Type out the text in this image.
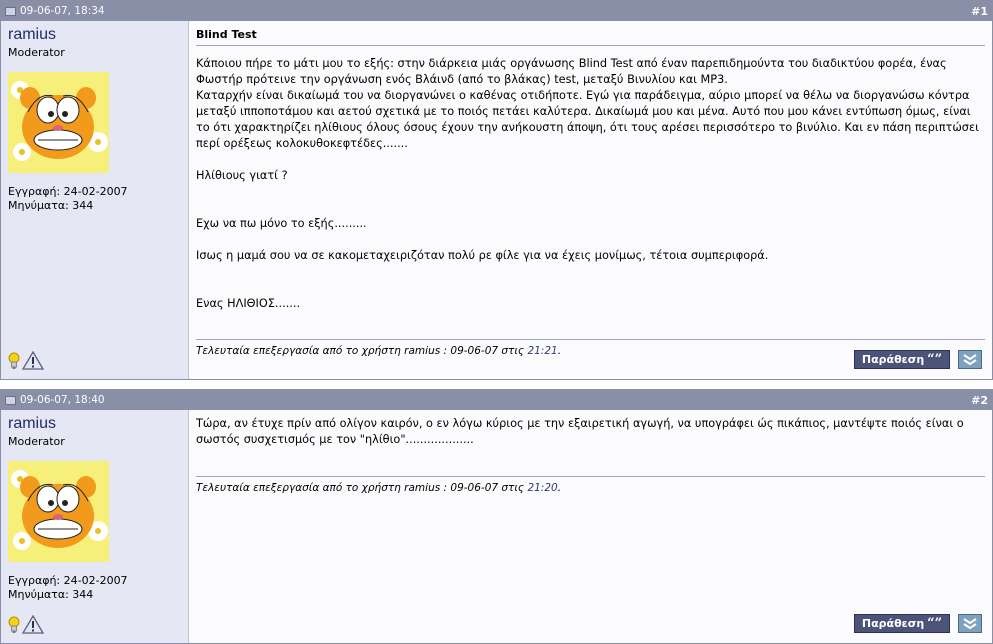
09-06-07, 18:34	#1
ramius
Moderator
Εγγραφή: 24-02-2007
Μηνύματα: 344
Blind Test

Κάποιου πήρε το μάτι μου το εξής: στην διάρκεια μιάς οργάνωσης Blind Test από έναν παρεπιδημούντα του διαδικτύου φορέα, ένας Φωστήρ πρότεινε την οργάνωση ενός Βλάινδ (από το βλάκας) test, μεταξύ Βινυλίου και MP3.

Καταρχήν είναι δικαίωμά του να διοργανώνει ο καθένας οτιδήποτε. Εγώ για παράδειγμα, αύριο μπορεί να θέλω να διοργανώσω κόντρα μεταξύ ιπποποτάμου και αετού σχετικά με το ποιός πετάει καλύτερα. Δικαίωμά μου και μένα. Αυτό που μου κάνει εντύπωση όμως, είναι το ότι χαρακτηρίζει ηλίθιους όλους όσους έχουν την ανήκουστη άποψη, ότι τους αρέσει περισσότερο το βινύλιο. Και εν πάση περιπτώσει περί ορέξεως κολοκυθοκεφτέδες.......

Ηλίθιους γιατί ?

Εχω να πω μόνο το εξής.........

Ισως η μαμά σου να σε κακομεταχειριζόταν πολύ ρε φίλε για να έχεις μονίμως, τέτοια συμπεριφορά.

Ενας ΗΛΙΘΙΟΣ.......

Τελευταία επεξεργασία από το χρήστη ramius : 09-06-07 στις 21:21.
Παράθεση “”
09-06-07, 18:40	#2
ramius
Moderator
Εγγραφή: 24-02-2007
Μηνύματα: 344

Τώρα, αν έτυχε πρίν από ολίγον καιρόν, ο εν λόγω κύριος με την εξαιρετική αγωγή, να υπογράφει ώς πικάπιος, μαντέψτε ποιός είναι ο σωστός συσχετισμός με τον "ηλίθιο"...................

Τελευταία επεξεργασία από το χρήστη ramius : 09-06-07 στις 21:20.
Παράθεση “”
